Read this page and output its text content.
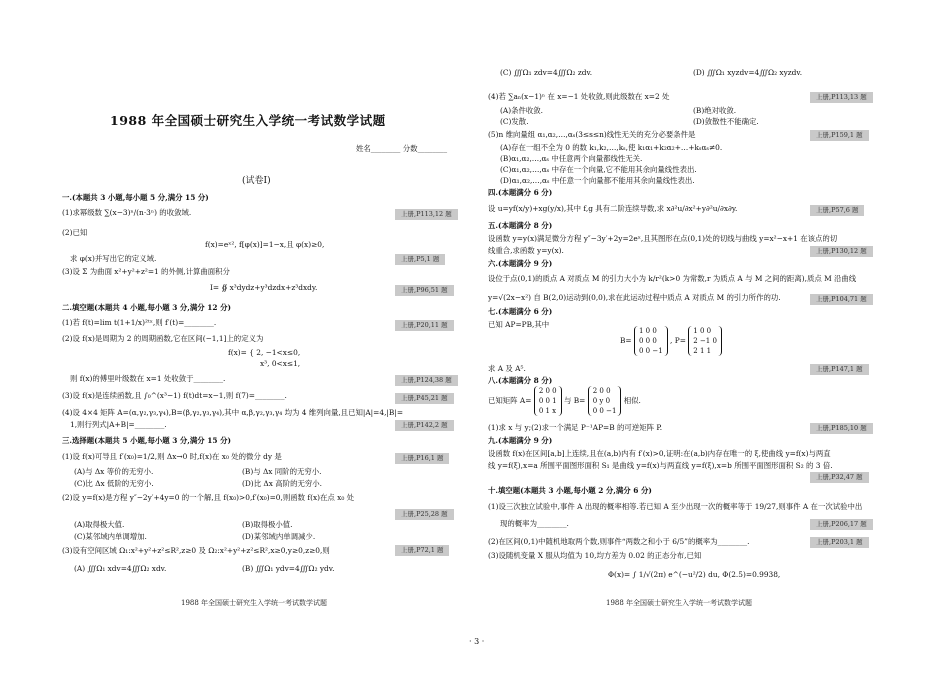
1988 年全国硕士研究生入学统一考试数学试题
姓名________ 分数________
(试卷Ⅰ)
一.(本题共 3 小题,每小题 5 分,满分 15 分)
(1)求幂级数 ∑(x−3)ⁿ/(n·3ⁿ) 的收敛域.	上册,P113,12 题
(2)已知
f(x)=eˣ², f[φ(x)]=1−x,且 φ(x)≥0,
求 φ(x)并写出它的定义域.	上册,P5,1 题
(3)设 Σ 为曲面 x²+y²+z²=1 的外侧,计算曲面积分
I= ∯ x³dydz+y³dzdx+z³dxdy.	上册,P96,51 题
二.填空题(本题共 4 小题,每小题 3 分,满分 12 分)
(1)若 f(t)=lim t(1+1/x)²ᵗˣ,则 f′(t)=________.	上册,P20,11 题
(2)设 f(x)是周期为 2 的周期函数,它在区间(−1,1]上的定义为
f(x)= { 2, −1<x≤0,
x³, 0<x≤1,
则 f(x)的傅里叶级数在 x=1 处收敛于________.	上册,P124,38 题
(3)设 f(x)是连续函数,且 ∫₀^(x³−1) f(t)dt=x−1,则 f(7)=________.	上册,P45,21 题
(4)设 4×4 矩阵 A=(α,γ₂,γ₃,γ₄),B=(β,γ₂,γ₃,γ₄),其中 α,β,γ₂,γ₃,γ₄ 均为 4 维列向量,且已知|A|=4,|B|=
1,则行列式|A+B|=________.	上册,P142,2 题
三.选择题(本题共 5 小题,每小题 3 分,满分 15 分)
(1)设 f(x)可导且 f′(x₀)=1/2,则 Δx→0 时,f(x)在 x₀ 处的微分 dy 是	上册,P16,1 题
(A)与 Δx 等价的无穷小.	(B)与 Δx 同阶的无穷小.
(C)比 Δx 低阶的无穷小.	(D)比 Δx 高阶的无穷小.
(2)设 y=f(x)是方程 y″−2y′+4y=0 的一个解,且 f(x₀)>0,f′(x₀)=0,则函数 f(x)在点 x₀ 处
上册,P25,28 题
(A)取得极大值.	(B)取得极小值.
(C)某邻域内单调增加.	(D)某邻域内单调减少.
(3)设有空间区域 Ω₁:x²+y²+z²≤R²,z≥0 及 Ω₂:x²+y²+z²≤R²,x≥0,y≥0,z≥0,则	上册,P72,1 题
(A) ∭Ω₁ xdv=4∭Ω₂ xdv.	(B) ∭Ω₁ ydv=4∭Ω₂ ydv.
1988 年全国硕士研究生入学统一考试数学试题
(C) ∭Ω₁ zdv=4∭Ω₂ zdv.	(D) ∭Ω₁ xyzdv=4∭Ω₂ xyzdv.
(4)若 ∑aₙ(x−1)ⁿ 在 x=−1 处收敛,则此级数在 x=2 处	上册,P113,13 题
(A)条件收敛.	(B)绝对收敛.
(C)发散.	(D)敛散性不能确定.
(5)n 维向量组 α₁,α₂,…,αₛ(3≤s≤n)线性无关的充分必要条件是	上册,P159,1 题
(A)存在一组不全为 0 的数 k₁,k₂,…,kₛ,使 k₁α₁+k₂α₂+…+kₛαₛ≠0.
(B)α₁,α₂,…,αₛ 中任意两个向量都线性无关.
(C)α₁,α₂,…,αₛ 中存在一个向量,它不能用其余向量线性表出.
(D)α₁,α₂,…,αₛ 中任意一个向量都不能用其余向量线性表出.
四.(本题满分 6 分)
设 u=yf(x/y)+xg(y/x),其中 f,g 具有二阶连续导数,求 x∂²u/∂x²+y∂²u/∂x∂y.	上册,P57,6 题
五.(本题满分 8 分)
设函数 y=y(x)满足微分方程 y″−3y′+2y=2eˣ,且其图形在点(0,1)处的切线与曲线 y=x²−x+1 在该点的切
线重合,求函数 y=y(x).	上册,P130,12 题
六.(本题满分 9 分)
设位于点(0,1)的质点 A 对质点 M 的引力大小为 k/r²(k>0 为常数,r 为质点 A 与 M 之间的距离),质点 M 沿曲线
y=√(2x−x²) 自 B(2,0)运动到(0,0),求在此运动过程中质点 A 对质点 M 的引力所作的功.	上册,P104,71 题
七.(本题满分 6 分)
已知 AP=PB,其中
B=
1 0 0
0 0 0
0 0 −1
, P=
1 0 0
2 −1 0
2 1 1
求 A 及 A⁵.	上册,P147,1 题
八.(本题满分 8 分)
已知矩阵 A=
2 0 0
0 0 1
0 1 x
与 B=
2 0 0
0 y 0
0 0 −1
相似.
(1)求 x 与 y;(2)求一个满足 P⁻¹AP=B 的可逆矩阵 P.	上册,P185,10 题
九.(本题满分 9 分)
设函数 f(x)在区间[a,b]上连续,且在(a,b)内有 f′(x)>0,证明:在(a,b)内存在唯一的 ξ,使曲线 y=f(x)与两直
线 y=f(ξ),x=a 所围平面图形面积 S₁ 是曲线 y=f(x)与两直线 y=f(ξ),x=b 所围平面图形面积 S₂ 的 3 倍.
上册,P32,47 题
十.填空题(本题共 3 小题,每小题 2 分,满分 6 分)
(1)设三次独立试验中,事件 A 出现的概率相等.若已知 A 至少出现一次的概率等于 19/27,则事件 A 在一次试验中出
现的概率为________.	上册,P206,17 题
(2)在区间(0,1)中随机地取两个数,则事件“两数之和小于 6/5”的概率为________.	上册,P203,1 题
(3)设随机变量 X 服从均值为 10,均方差为 0.02 的正态分布,已知
Φ(x)= ∫ 1/√(2π) e^(−u²/2) du, Φ(2.5)=0.9938,
1988 年全国硕士研究生入学统一考试数学试题
· 3 ·
